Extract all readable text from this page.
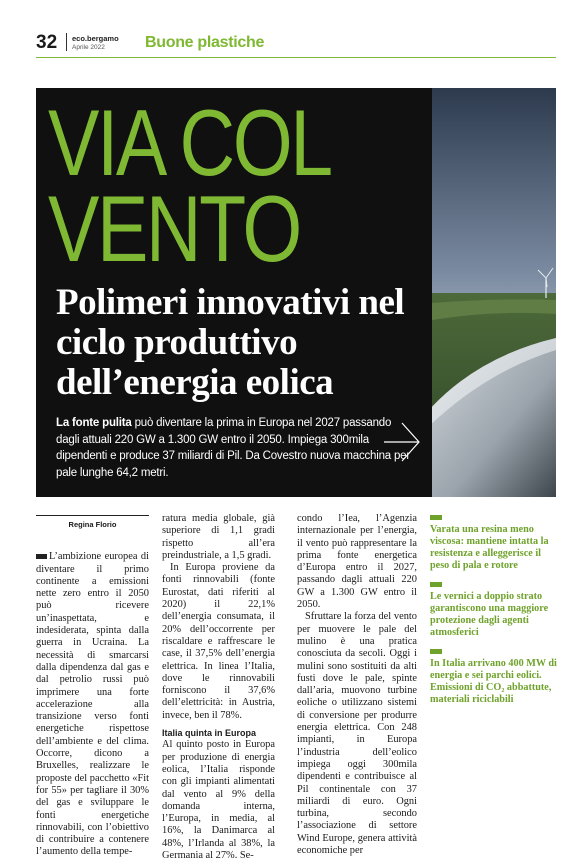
32 eco.bergamo
Aprile 2022	Buone plastiche
VIA COL
VENTO
Polimeri innovativi nel ciclo produttivo dell’energia eolica
La fonte pulita può diventare la prima in Europa nel 2027 passando dagli attuali 220 GW a 1.300 GW entro il 2050. Impiega 300mila dipendenti e produce 37 miliardi di Pil. Da Covestro nuova macchina per pale lunghe 64,2 metri.
Regina Florio

L’ambizione europea di diventare il primo continente a emissioni nette zero entro il 2050 può ricevere un’inaspettata, e indesiderata, spinta dalla guerra in Ucraina. La necessità di smarcarsi dalla dipendenza dal gas e dal petrolio russi può imprimere una forte accelerazione alla transizione verso fonti energetiche rispettose dell’ambiente e del clima. Occorre, dicono a Bruxelles, realizzare le proposte del pacchetto «Fit for 55» per tagliare il 30% del gas e sviluppare le fonti energetiche rinnovabili, con l’obiettivo di contribuire a contenere l’aumento della tempe-

ratura media globale, già superiore di 1,1 gradi rispetto all’era preindustriale, a 1,5 gradi.

In Europa proviene da fonti rinnovabili (fonte Eurostat, dati riferiti al 2020) il 22,1% dell’energia consumata, il 20% dell’occorrente per riscaldare e raffrescare le case, il 37,5% dell’energia elettrica. In linea l’Italia, dove le rinnovabili forniscono il 37,6% dell’elettricità: in Austria, invece, ben il 78%.

Italia quinta in Europa

Al quinto posto in Europa per produzione di energia eolica, l’Italia risponde con gli impianti alimentati dal vento al 9% della domanda interna, l’Europa, in media, al 16%, la Danimarca al 48%, l’Irlanda al 38%, la Germania al 27%. Se-

condo l’Iea, l’Agenzia internazionale per l’energia, il vento può rappresentare la prima fonte energetica d’Europa entro il 2027, passando dagli attuali 220 GW a 1.300 GW entro il 2050.

Sfruttare la forza del vento per muovere le pale del mulino è una pratica conosciuta da secoli. Oggi i mulini sono sostituiti da alti fusti dove le pale, spinte dall’aria, muovono turbine eoliche o utilizzano sistemi di conversione per produrre energia elettrica. Con 248 impianti, in Europa l’industria dell’eolico impiega oggi 300mila dipendenti e contribuisce al Pil continentale con 37 miliardi di euro. Ogni turbina, secondo l’associazione di settore Wind Europe, genera attività economiche per

Varata una resina meno viscosa: mantiene intatta la resistenza e alleggerisce il peso di pala e rotore
Le vernici a doppio strato garantiscono una maggiore protezione dagli agenti atmosferici
In Italia arrivano 400 MW di energia e sei parchi eolici. Emissioni di CO₂ abbattute, materiali riciclabili
